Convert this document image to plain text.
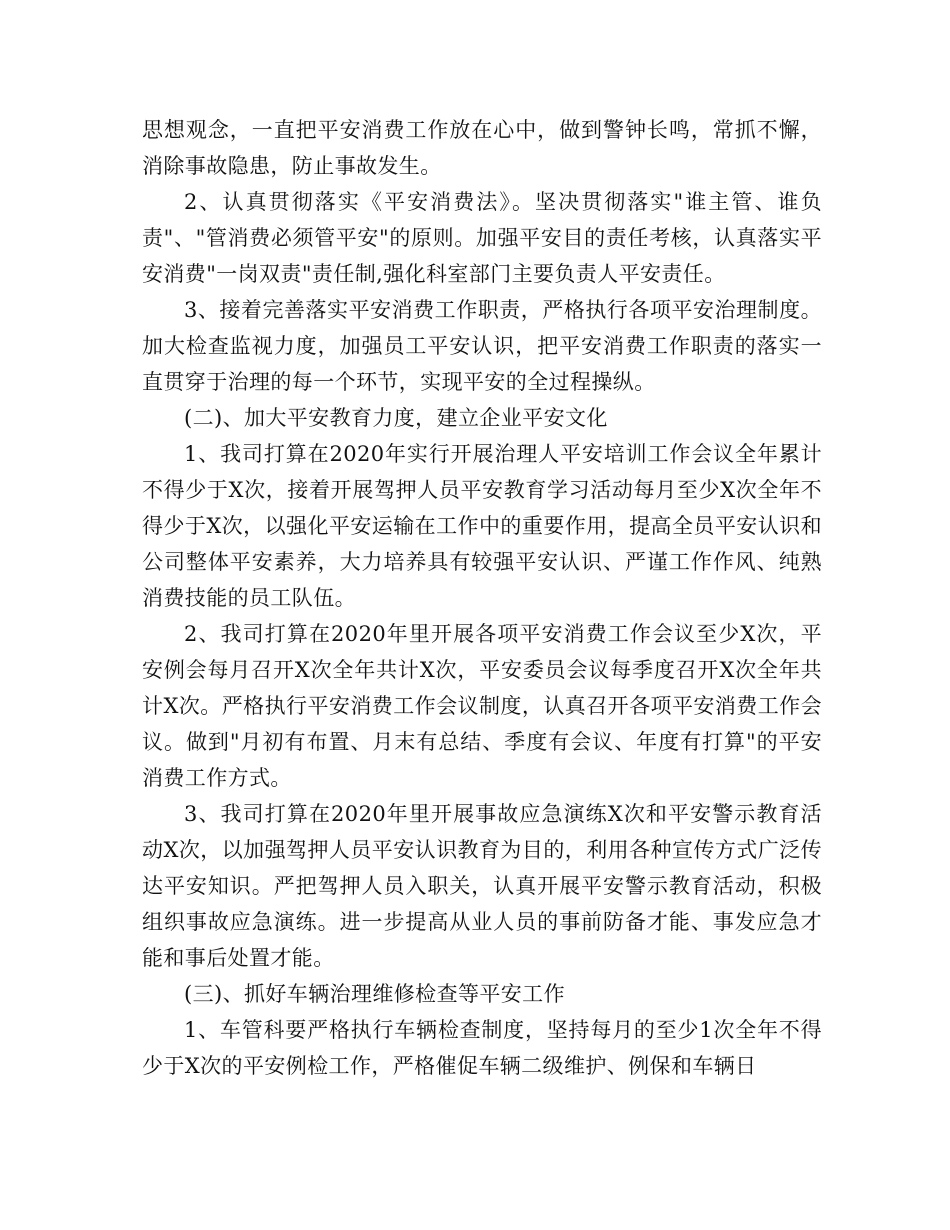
思想观念，一直把平安消费工作放在心中，做到警钟长鸣，常抓不懈，消除事故隐患，防止事故发生。

2、认真贯彻落实《平安消费法》。坚决贯彻落实"谁主管、谁负责"、"管消费必须管平安"的原则。加强平安目的责任考核，认真落实平安消费"一岗双责"责任制,强化科室部门主要负责人平安责任。

3、接着完善落实平安消费工作职责，严格执行各项平安治理制度。加大检查监视力度，加强员工平安认识，把平安消费工作职责的落实一直贯穿于治理的每一个环节，实现平安的全过程操纵。

(二)、加大平安教育力度，建立企业平安文化

1、我司打算在2020年实行开展治理人平安培训工作会议全年累计不得少于X次，接着开展驾押人员平安教育学习活动每月至少X次全年不得少于X次，以强化平安运输在工作中的重要作用，提高全员平安认识和公司整体平安素养，大力培养具有较强平安认识、严谨工作作风、纯熟消费技能的员工队伍。

2、我司打算在2020年里开展各项平安消费工作会议至少X次，平安例会每月召开X次全年共计X次，平安委员会议每季度召开X次全年共计X次。严格执行平安消费工作会议制度，认真召开各项平安消费工作会议。做到"月初有布置、月末有总结、季度有会议、年度有打算"的平安消费工作方式。

3、我司打算在2020年里开展事故应急演练X次和平安警示教育活动X次，以加强驾押人员平安认识教育为目的，利用各种宣传方式广泛传达平安知识。严把驾押人员入职关，认真开展平安警示教育活动，积极组织事故应急演练。进一步提高从业人员的事前防备才能、事发应急才能和事后处置才能。

(三)、抓好车辆治理维修检查等平安工作

1、车管科要严格执行车辆检查制度，坚持每月的至少1次全年不得少于X次的平安例检工作，严格催促车辆二级维护、例保和车辆日
